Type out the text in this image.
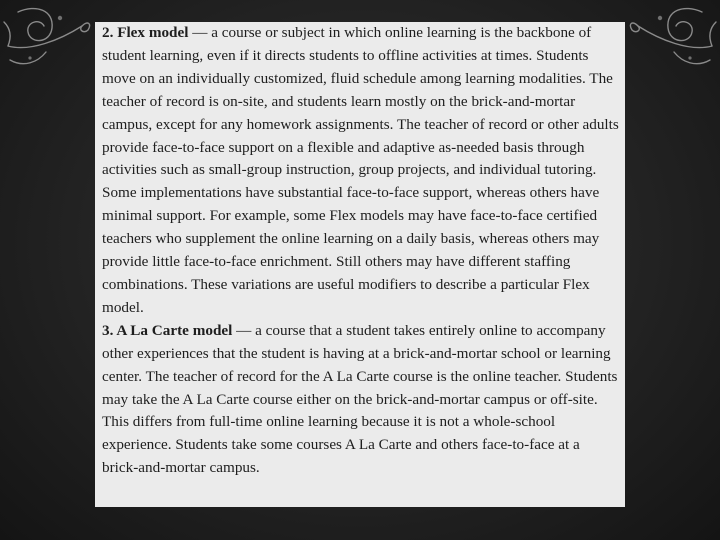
2. Flex model — a course or subject in which online learning is the backbone of student learning, even if it directs students to offline activities at times. Students move on an individually customized, fluid schedule among learning modalities. The teacher of record is on-site, and students learn mostly on the brick-and-mortar campus, except for any homework assignments. The teacher of record or other adults provide face-to-face support on a flexible and adaptive as-needed basis through activities such as small-group instruction, group projects, and individual tutoring. Some implementations have substantial face-to-face support, whereas others have minimal support. For example, some Flex models may have face-to-face certified teachers who supplement the online learning on a daily basis, whereas others may provide little face-to-face enrichment. Still others may have different staffing combinations. These variations are useful modifiers to describe a particular Flex model.

3. A La Carte model — a course that a student takes entirely online to accompany other experiences that the student is having at a brick-and-mortar school or learning center. The teacher of record for the A La Carte course is the online teacher. Students may take the A La Carte course either on the brick-and-mortar campus or off-site. This differs from full-time online learning because it is not a whole-school experience. Students take some courses A La Carte and others face-to-face at a brick-and-mortar campus.
